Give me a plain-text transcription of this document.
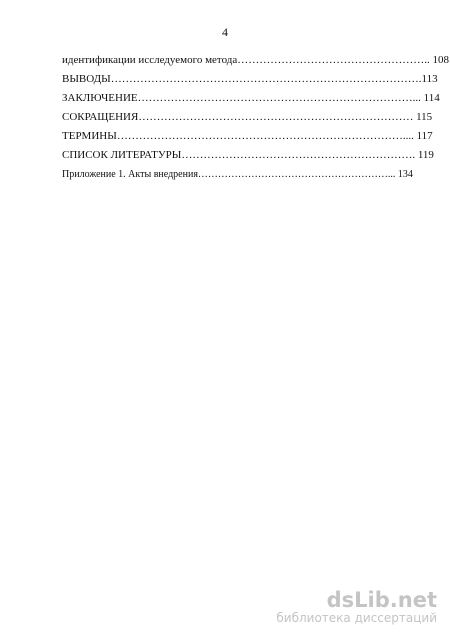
4
идентификации исследуемого метода…………………………………………….. 108
ВЫВОДЫ………………………………………………………………………….113
ЗАКЛЮЧЕНИЕ…………………………………………………………………... 114
СОКРАЩЕНИЯ………………………………………………………………… 115
ТЕРМИНЫ…………………………………………………………………….... 117
СПИСОК ЛИТЕРАТУРЫ………………………………………………………. 119
Приложение 1. Акты внедрения…………………………………………………... 134
dsLib.net
библиотека диссертаций
